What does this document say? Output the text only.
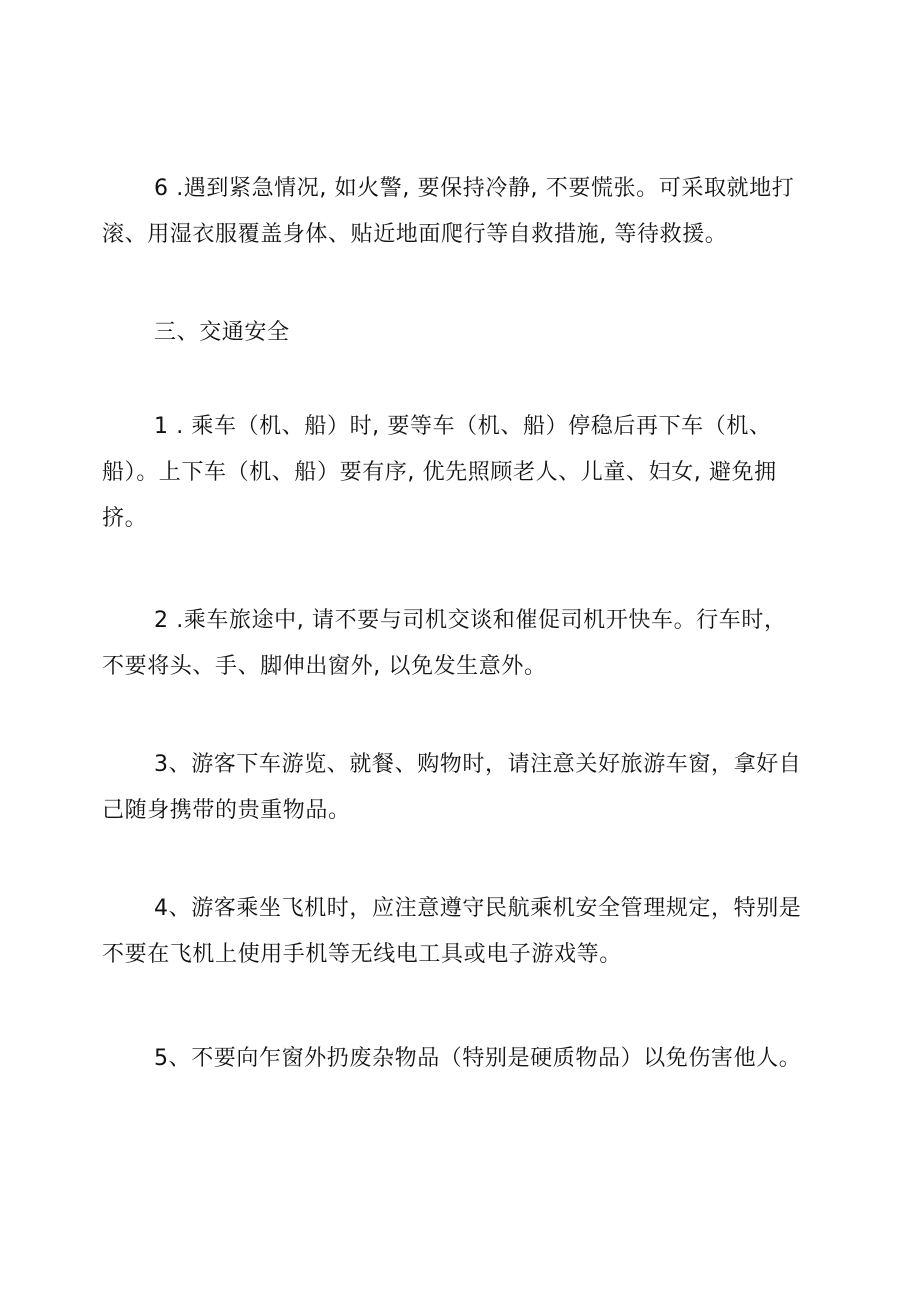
6 .遇到紧急情况, 如火警, 要保持冷静, 不要慌张。可采取就地打滚、用湿衣服覆盖身体、贴近地面爬行等自救措施, 等待救援。

三、交通安全

1 . 乘车（机、船）时, 要等车（机、船）停稳后再下车（机、船）。上下车（机、船）要有序, 优先照顾老人、儿童、妇女, 避免拥挤。

2 .乘车旅途中, 请不要与司机交谈和催促司机开快车。行车时，不要将头、手、脚伸出窗外, 以免发生意外。

3、游客下车游览、就餐、购物时，请注意关好旅游车窗，拿好自己随身携带的贵重物品。

4、游客乘坐飞机时，应注意遵守民航乘机安全管理规定，特别是不要在飞机上使用手机等无线电工具或电子游戏等。

5、不要向乍窗外扔废杂物品（特别是硬质物品）以免伤害他人。
